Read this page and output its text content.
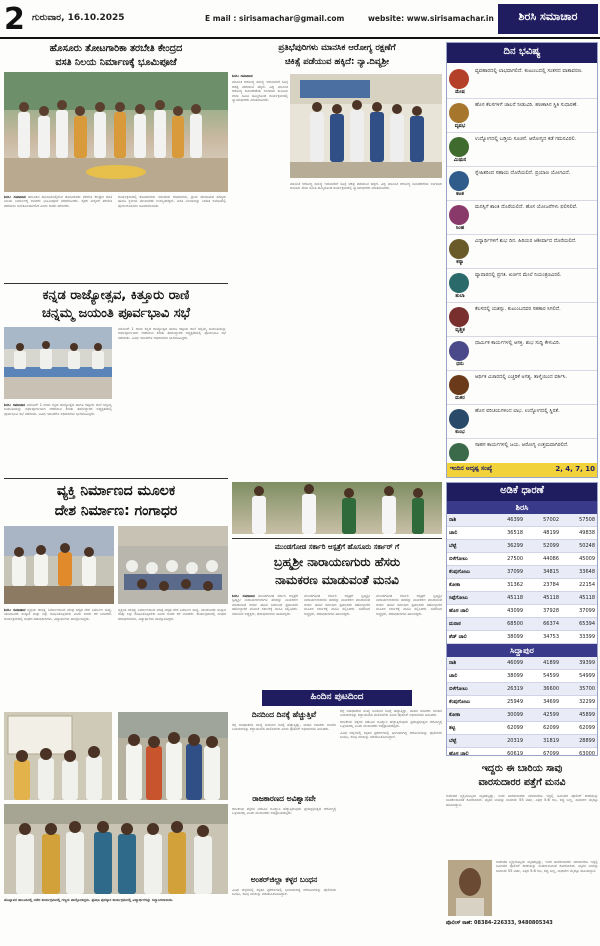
2 ಗುರುವಾರ, 16.10.2025	E mail : sirisamachar@gmail.com	website: www.sirisamachar.in	ಶಿರಸಿ ಸಮಾಚಾರ
ಹೊಸೂರು ತೋಟಗಾರಿಕಾ ತರಬೇತಿ ಕೇಂದ್ರದ
ವಸತಿ ನಿಲಯ ನಿರ್ಮಾಣಕ್ಕೆ ಭೂಮಿಪೂಜೆ

ಶಿರಸಿ: ಸಮಾಚಾರ ತಾಲೂಕಿನ ಹೊಸೂರಿನಲ್ಲಿರುವ ತೋಟಗಾರಿಕಾ ತರಬೇತಿ ಕೇಂದ್ರದ ವಸತಿ ನಿಲಯ ನಿರ್ಮಾಣಕ್ಕೆ ಶಾಸಕರು ಭೂಮಿಪೂಜೆ ನೆರವೇರಿಸಿದರು. ರೈತರ ಮಕ್ಕಳಿಗೆ ತರಬೇತಿ ಪಡೆಯಲು ಅನುಕೂಲವಾಗಲಿದೆ ಎಂದು ಅವರು ಹೇಳಿದರು.

ಕಾರ್ಯಕ್ರಮದಲ್ಲಿ ತೋಟಗಾರಿಕಾ ಇಲಾಖೆಯ ಅಧಿಕಾರಿಗಳು, ಗ್ರಾಮ ಪಂಚಾಯತ ಸದಸ್ಯರು ಹಾಗೂ ಸ್ಥಳೀಯ ಮುಖಂಡರು ಉಪಸ್ಥಿತರಿದ್ದರು. ವಸತಿ ನಿಲಯವನ್ನು ನಿಗದಿತ ಅವಧಿಯಲ್ಲಿ ಪೂರ್ಣಗೊಳಿಸಲು ಸೂಚಿಸಲಾಯಿತು.

ಪ್ರತಿಭೆಪುರಿಗಳು ಮಾನಸಿಕ ಆರೋಗ್ಯ ರಕ್ಷಣೆಗೆ
ಚಿಕಿತ್ಸೆ ಪಡೆಯುವ ಹಕ್ಕಿದೆ: ನ್ಯಾ.ದಿವ್ಯಶ್ರೀ

ಶಿರಸಿ: ಸಮಾಚಾರ

ಮಾನಸಿಕ ಆರೋಗ್ಯ ಸಮಸ್ಯೆ ಇರುವವರಿಗೆ ಸೂಕ್ತ ಚಿಕಿತ್ಸೆ ಪಡೆಯುವ ಹಕ್ಕಿದೆ. ವಿಶ್ವ ಮಾನಸಿಕ ಆರೋಗ್ಯ ದಿನಾಚರಣೆಯ ಅಂಗವಾಗಿ ಕಾನೂನು ಸೇವಾ ಸಮಿತಿ ಹಮ್ಮಿಕೊಂಡ ಕಾರ್ಯಕ್ರಮದಲ್ಲಿ ನ್ಯಾಯಾಧೀಶರು ಮಾತನಾಡಿದರು.

ಮಾನಸಿಕ ಆರೋಗ್ಯ ಸಮಸ್ಯೆ ಇರುವವರಿಗೆ ಸೂಕ್ತ ಚಿಕಿತ್ಸೆ ಪಡೆಯುವ ಹಕ್ಕಿದೆ. ವಿಶ್ವ ಮಾನಸಿಕ ಆರೋಗ್ಯ ದಿನಾಚರಣೆಯ ಅಂಗವಾಗಿ ಕಾನೂನು ಸೇವಾ ಸಮಿತಿ ಹಮ್ಮಿಕೊಂಡ ಕಾರ್ಯಕ್ರಮದಲ್ಲಿ ನ್ಯಾಯಾಧೀಶರು ಮಾತನಾಡಿದರು.

ದಿನ ಭವಿಷ್ಯ
ಮೇಷ
ವ್ಯವಹಾರದಲ್ಲಿ ಲಾಭವಾಗಲಿದೆ. ಕುಟುಂಬದಲ್ಲಿ ಸಂತಸದ ವಾತಾವರಣ.
ವೃಷಭ
ಹೊಸ ಕೆಲಸಗಳಿಗೆ ಚಾಲನೆ ನೀಡುವಿರಿ. ಹಣಕಾಸಿನ ಸ್ಥಿತಿ ಸುಧಾರಣೆ.
ಮಿಥುನ
ಉದ್ಯೋಗದಲ್ಲಿ ಬಡ್ತಿಯ ಸೂಚನೆ. ಆರೋಗ್ಯದ ಕಡೆ ಗಮನವಿರಲಿ.
ಕಟಕ
ಸ್ನೇಹಿತರಿಂದ ಸಹಾಯ ದೊರೆಯಲಿದೆ. ಪ್ರಯಾಣ ಯೋಗವಿದೆ.
ಸಿಂಹ
ಮನಸ್ಸಿಗೆ ಶಾಂತಿ ದೊರೆಯಲಿದೆ. ಹೊಸ ಯೋಜನೆಗಳು ಫಲಿಸಲಿವೆ.
ಕನ್ಯಾ
ವಿದ್ಯಾರ್ಥಿಗಳಿಗೆ ಶುಭ ದಿನ. ಹಿರಿಯರ ಆಶೀರ್ವಾದ ದೊರೆಯಲಿದೆ.
ತುಲಾ
ವ್ಯಾಪಾರದಲ್ಲಿ ಪ್ರಗತಿ. ಖರ್ಚಿನ ಮೇಲೆ ನಿಯಂತ್ರಣವಿರಲಿ.
ವೃಶ್ಚಿಕ
ಕೆಲಸದಲ್ಲಿ ಯಶಸ್ಸು. ಕುಟುಂಬದವರ ಸಹಕಾರ ಸಿಗಲಿದೆ.
ಧನು
ಧಾರ್ಮಿಕ ಕಾರ್ಯಗಳಲ್ಲಿ ಆಸಕ್ತಿ. ಶುಭ ಸುದ್ದಿ ಕೇಳುವಿರಿ.
ಮಕರ
ಆರ್ಥಿಕ ವಿಚಾರದಲ್ಲಿ ಎಚ್ಚರಿಕೆ ಅಗತ್ಯ. ತಾಳ್ಮೆಯಿಂದ ವರ್ತಿಸಿ.
ಕುಂಭ
ಹೊಸ ಪರಿಚಯಗಳಿಂದ ಲಾಭ. ಉದ್ಯೋಗದಲ್ಲಿ ಸ್ಥಿರತೆ.
ಸಾಹಸ ಕಾರ್ಯಗಳಲ್ಲಿ ಜಯ. ಆರೋಗ್ಯ ಉತ್ತಮವಾಗಿರಲಿದೆ.
ಇಂದಿನ ಅದೃಷ್ಟ ಸಂಖ್ಯೆ	2, 4, 7, 10
ಕನ್ನಡ ರಾಜ್ಯೋತ್ಸವ, ಕಿತ್ತೂರು ರಾಣಿ
ಚನ್ನಮ್ಮ ಜಯಂತಿ ಪೂರ್ವಭಾವಿ ಸಭೆ

ಶಿರಸಿ: ಸಮಾಚಾರ ನವೆಂಬರ್ 1 ರಂದು ಕನ್ನಡ ರಾಜ್ಯೋತ್ಸವ ಹಾಗೂ ಕಿತ್ತೂರು ರಾಣಿ ಚನ್ನಮ್ಮ ಜಯಂತಿಯನ್ನು ಅರ್ಥಪೂರ್ಣವಾಗಿ ಆಚರಿಸುವ ಕುರಿತು ತಹಶೀಲ್ದಾರರ ಅಧ್ಯಕ್ಷತೆಯಲ್ಲಿ ಪೂರ್ವಭಾವಿ ಸಭೆ ನಡೆಯಿತು. ವಿವಿಧ ಇಲಾಖೆಗಳ ಅಧಿಕಾರಿಗಳು ಭಾಗವಹಿಸಿದ್ದರು.

ನವೆಂಬರ್ 1 ರಂದು ಕನ್ನಡ ರಾಜ್ಯೋತ್ಸವ ಹಾಗೂ ಕಿತ್ತೂರು ರಾಣಿ ಚನ್ನಮ್ಮ ಜಯಂತಿಯನ್ನು ಅರ್ಥಪೂರ್ಣವಾಗಿ ಆಚರಿಸುವ ಕುರಿತು ತಹಶೀಲ್ದಾರರ ಅಧ್ಯಕ್ಷತೆಯಲ್ಲಿ ಪೂರ್ವಭಾವಿ ಸಭೆ ನಡೆಯಿತು. ವಿವಿಧ ಇಲಾಖೆಗಳ ಅಧಿಕಾರಿಗಳು ಭಾಗವಹಿಸಿದ್ದರು.

ವ್ಯಕ್ತಿ ನಿರ್ಮಾಣದ ಮೂಲಕ
ದೇಶ ನಿರ್ಮಾಣ: ಗಂಗಾಧರ

ಶಿರಸಿ: ಸಮಾಚಾರ ವ್ಯಕ್ತಿಯ ಚಾರಿತ್ರ್ಯ ನಿರ್ಮಾಣದಿಂದ ಮಾತ್ರ ಸದೃಢ ದೇಶ ನಿರ್ಮಾಣ ಸಾಧ್ಯ. ಯುವಜನರು ಸಂಸ್ಕಾರ ಮತ್ತು ಶಿಸ್ತು ರೂಢಿಸಿಕೊಳ್ಳಬೇಕು ಎಂದು ಅವರು ಕರೆ ನೀಡಿದರು. ಕಾರ್ಯಕ್ರಮದಲ್ಲಿ ಸಂಘದ ಪದಾಧಿಕಾರಿಗಳು, ವಿದ್ಯಾರ್ಥಿಗಳು ಪಾಲ್ಗೊಂಡಿದ್ದರು.

ವ್ಯಕ್ತಿಯ ಚಾರಿತ್ರ್ಯ ನಿರ್ಮಾಣದಿಂದ ಮಾತ್ರ ಸದೃಢ ದೇಶ ನಿರ್ಮಾಣ ಸಾಧ್ಯ. ಯುವಜನರು ಸಂಸ್ಕಾರ ಮತ್ತು ಶಿಸ್ತು ರೂಢಿಸಿಕೊಳ್ಳಬೇಕು ಎಂದು ಅವರು ಕರೆ ನೀಡಿದರು. ಕಾರ್ಯಕ್ರಮದಲ್ಲಿ ಸಂಘದ ಪದಾಧಿಕಾರಿಗಳು, ವಿದ್ಯಾರ್ಥಿಗಳು ಪಾಲ್ಗೊಂಡಿದ್ದರು.

ಮುಂಡಗೋಡ ಸರ್ಕಾರಿ ಆಸ್ಪತ್ರೆಗೆ ಹೊಸೂರು ಸರ್ಕಾರ್ ಗೆ
ಬ್ರಹ್ಮಶ್ರೀ ನಾರಾಯಣಗುರು ಹೆಸರು
ನಾಮಕರಣ ಮಾಡುವಂತೆ ಮನವಿ

ಶಿರಸಿ: ಸಮಾಚಾರ ಮುಂಡಗೋಡ ಸರ್ಕಾರಿ ಆಸ್ಪತ್ರೆಗೆ ಬ್ರಹ್ಮಶ್ರೀ ನಾರಾಯಣಗುರುಗಳ ಹೆಸರನ್ನು ನಾಮಕರಣ ಮಾಡುವಂತೆ ಆರ್ಯ ಈಡಿಗ ಸಮಾಜದ ಪ್ರಮುಖರು ತಹಶೀಲ್ದಾರರ ಮೂಲಕ ಸರ್ಕಾರಕ್ಕೆ ಮನವಿ ಸಲ್ಲಿಸಿದರು. ಸಮಾಜದ ಅಧ್ಯಕ್ಷರು, ಪದಾಧಿಕಾರಿಗಳು ಹಾಜರಿದ್ದರು.

ಮುಂಡಗೋಡ ಸರ್ಕಾರಿ ಆಸ್ಪತ್ರೆಗೆ ಬ್ರಹ್ಮಶ್ರೀ ನಾರಾಯಣಗುರುಗಳ ಹೆಸರನ್ನು ನಾಮಕರಣ ಮಾಡುವಂತೆ ಆರ್ಯ ಈಡಿಗ ಸಮಾಜದ ಪ್ರಮುಖರು ತಹಶೀಲ್ದಾರರ ಮೂಲಕ ಸರ್ಕಾರಕ್ಕೆ ಮನವಿ ಸಲ್ಲಿಸಿದರು. ಸಮಾಜದ ಅಧ್ಯಕ್ಷರು, ಪದಾಧಿಕಾರಿಗಳು ಹಾಜರಿದ್ದರು.

ಮುಂಡಗೋಡ ಸರ್ಕಾರಿ ಆಸ್ಪತ್ರೆಗೆ ಬ್ರಹ್ಮಶ್ರೀ ನಾರಾಯಣಗುರುಗಳ ಹೆಸರನ್ನು ನಾಮಕರಣ ಮಾಡುವಂತೆ ಆರ್ಯ ಈಡಿಗ ಸಮಾಜದ ಪ್ರಮುಖರು ತಹಶೀಲ್ದಾರರ ಮೂಲಕ ಸರ್ಕಾರಕ್ಕೆ ಮನವಿ ಸಲ್ಲಿಸಿದರು. ಸಮಾಜದ ಅಧ್ಯಕ್ಷರು, ಪದಾಧಿಕಾರಿಗಳು ಹಾಜರಿದ್ದರು.

ಹಿಂದಿನ ಪುಟದಿಂದ
ದಿನದಿಂದ ದಿನಕ್ಕೆ ಹೆಚ್ಚುತ್ತಿವೆ
ರಸ್ತೆ ಅಪಘಾತಗಳ ಸಂಖ್ಯೆ ದಿನದಿಂದ ದಿನಕ್ಕೆ ಹೆಚ್ಚುತ್ತಿದ್ದು, ವಾಹನ ಸವಾರರು ಸಂಚಾರಿ ನಿಯಮಗಳನ್ನು ಕಡ್ಡಾಯವಾಗಿ ಪಾಲಿಸಬೇಕು ಎಂದು ಪೊಲೀಸ್ ಅಧಿಕಾರಿಗಳು ತಿಳಿಸಿದರು.
ರಾಜಕಾರಣದ ಅವಿಶ್ವಾಸವೇ
ರಾಜಕೀಯ ಪಕ್ಷಗಳ ನಡುವಿನ ಅವಿಶ್ವಾಸ ಹೆಚ್ಚುತ್ತಿರುವುದು ಪ್ರಜಾಪ್ರಭುತ್ವದ ಆರೋಗ್ಯಕ್ಕೆ ಒಳ್ಳೆಯದಲ್ಲ ಎಂದು ಮುಖಂಡರು ಅಭಿಪ್ರಾಯಪಟ್ಟರು.
ಅಂತರ್‌ಜಿಲ್ಲಾ ಕಳ್ಳರ ಬಂಧನ
ವಿವಿಧ ಜಿಲ್ಲೆಗಳಲ್ಲಿ ಕಳ್ಳತನ ಪ್ರಕರಣಗಳಲ್ಲಿ ಭಾಗಿಯಾಗಿದ್ದ ಆರೋಪಿಗಳನ್ನು ಪೊಲೀಸರು ಬಂಧಿಸಿ, ಕಳವು ಮಾಲನ್ನು ವಶಪಡಿಸಿಕೊಂಡಿದ್ದಾರೆ.

ರಸ್ತೆ ಅಪಘಾತಗಳ ಸಂಖ್ಯೆ ದಿನದಿಂದ ದಿನಕ್ಕೆ ಹೆಚ್ಚುತ್ತಿದ್ದು, ವಾಹನ ಸವಾರರು ಸಂಚಾರಿ ನಿಯಮಗಳನ್ನು ಕಡ್ಡಾಯವಾಗಿ ಪಾಲಿಸಬೇಕು ಎಂದು ಪೊಲೀಸ್ ಅಧಿಕಾರಿಗಳು ತಿಳಿಸಿದರು.

ರಾಜಕೀಯ ಪಕ್ಷಗಳ ನಡುವಿನ ಅವಿಶ್ವಾಸ ಹೆಚ್ಚುತ್ತಿರುವುದು ಪ್ರಜಾಪ್ರಭುತ್ವದ ಆರೋಗ್ಯಕ್ಕೆ ಒಳ್ಳೆಯದಲ್ಲ ಎಂದು ಮುಖಂಡರು ಅಭಿಪ್ರಾಯಪಟ್ಟರು.

ವಿವಿಧ ಜಿಲ್ಲೆಗಳಲ್ಲಿ ಕಳ್ಳತನ ಪ್ರಕರಣಗಳಲ್ಲಿ ಭಾಗಿಯಾಗಿದ್ದ ಆರೋಪಿಗಳನ್ನು ಪೊಲೀಸರು ಬಂಧಿಸಿ, ಕಳವು ಮಾಲನ್ನು ವಶಪಡಿಸಿಕೊಂಡಿದ್ದಾರೆ.

ಹೊನ್ನಾವರ ತಾಲೂಕಿನಲ್ಲಿ ನಡೆದ ಕಾರ್ಯಕ್ರಮದಲ್ಲಿ ಗಣ್ಯರು ಪಾಲ್ಗೊಂಡಿದ್ದರು. ಪ್ರತಿಭಾ ಪುರಸ್ಕಾರ ಕಾರ್ಯಕ್ರಮದಲ್ಲಿ ವಿದ್ಯಾರ್ಥಿಗಳನ್ನು ಸನ್ಮಾನಿಸಲಾಯಿತು.
ಅಡಿಕೆ ಧಾರಣೆ
ಶಿರಸಿ
ರಾಶಿ	46399	57002	57508
ಚಾಲಿ	36518	48199	49838
ಬೆಟ್ಟೆ	36299	52099	50248
ಬಿಳೆಗೋಟು	27500	44086	45009
ಕೆಂಪುಗೋಟು	37099	34815	33648
ಕೋಕಾ	31362	23784	22154
ಸಿಪ್ಪೆಗೋಟು	45118	45118	45118
ಹೊಸ ಚಾಲಿ	43099	37928	37099
ಮರಾಠ	68500	66374	65394
ಶೆಡ್ ಚಾಲಿ	38099	34753	33399
ಸಿದ್ದಾಪುರ
ರಾಶಿ	46099	41899	39399
ಚಾಲಿ	38099	54599	54999
ಬಿಳೆಗೋಟು	26319	36600	35700
ಕೆಂಪುಗೋಟು	25949	34699	32299
ಕೋಕಾ	30099	42599	45899
ತಟ್ಟಿ	62099	62099	62099
ಬೆಟ್ಟೆ	20319	31819	28899
ಹೊಸ ಚಾಲಿ	60619	67099	63000
ಇದ್ದರು ಈ ಬಾರಿಯ ಸಾವು
ವಾರಸುದಾರರ ಪತ್ತೆಗೆ ಮನವಿ
ಅಪರಿಚಿತ ವ್ಯಕ್ತಿಯೊಬ್ಬರು ಮೃತಪಟ್ಟಿದ್ದು, ಇವರ ವಾರಸುದಾರರು ಯಾರಾದರೂ ಇದ್ದಲ್ಲಿ ಸಮೀಪದ ಪೊಲೀಸ್ ಠಾಣೆಯನ್ನು ಸಂಪರ್ಕಿಸುವಂತೆ ಕೋರಲಾಗಿದೆ. ಮೃತನ ವಯಸ್ಸು ಸುಮಾರು 55 ವರ್ಷ, ಎತ್ತರ 5.6 ಅಡಿ, ಕಪ್ಪು ಬಣ್ಣ, ಸಾಧಾರಣ ಮೈಕಟ್ಟು ಹೊಂದಿದ್ದಾನೆ.
ಅಪರಿಚಿತ ವ್ಯಕ್ತಿಯೊಬ್ಬರು ಮೃತಪಟ್ಟಿದ್ದು, ಇವರ ವಾರಸುದಾರರು ಯಾರಾದರೂ ಇದ್ದಲ್ಲಿ ಸಮೀಪದ ಪೊಲೀಸ್ ಠಾಣೆಯನ್ನು ಸಂಪರ್ಕಿಸುವಂತೆ ಕೋರಲಾಗಿದೆ. ಮೃತನ ವಯಸ್ಸು ಸುಮಾರು 55 ವರ್ಷ, ಎತ್ತರ 5.6 ಅಡಿ, ಕಪ್ಪು ಬಣ್ಣ, ಸಾಧಾರಣ ಮೈಕಟ್ಟು ಹೊಂದಿದ್ದಾನೆ.
ಪೊಲೀಸ್ ಠಾಣೆ: 08384-226333, 9480805343
